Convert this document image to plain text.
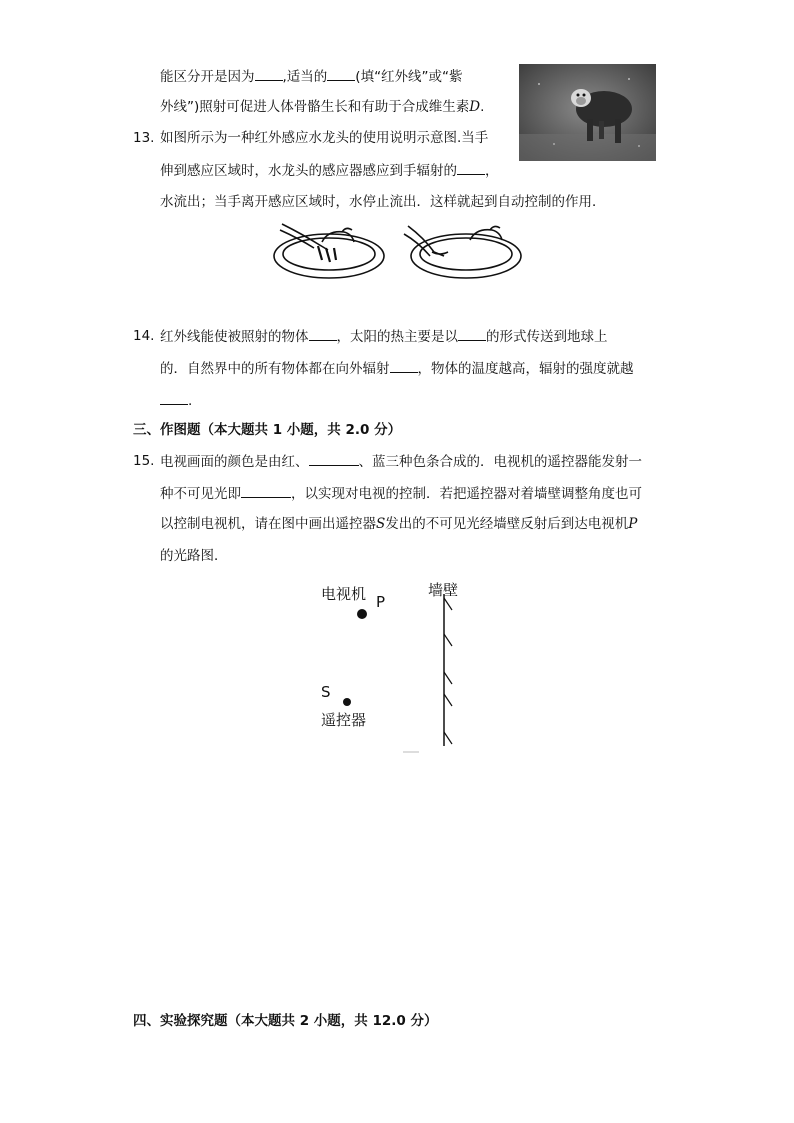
能区分开是因为 ,适当的 (填“红外线”或“紫
外线”)照射可促进人体骨骼生长和有助于合成维生素D.
13. 如图所示为一种红外感应水龙头的使用说明示意图.当手
伸到感应区域时，水龙头的感应器感应到手辐射的 ，
水流出；当手离开感应区域时，水停止流出．这样就起到自动控制的作用．
14. 红外线能使被照射的物体 ，太阳的热主要是以 的形式传送到地球上
的．自然界中的所有物体都在向外辐射 ，物体的温度越高，辐射的强度就越
.
三、作图题（本大题共 1 小题，共 2.0 分）
15. 电视画面的颜色是由红、	、蓝三种色条合成的．电视机的遥控器能发射一
种不可见光即	，以实现对电视的控制．若把遥控器对着墙壁调整角度也可
以控制电视机，请在图中画出遥控器S发出的不可见光经墙壁反射后到达电视机P
的光路图．
电视机 P
墙壁
S
遥控器
四、实验探究题（本大题共 2 小题，共 12.0 分）
